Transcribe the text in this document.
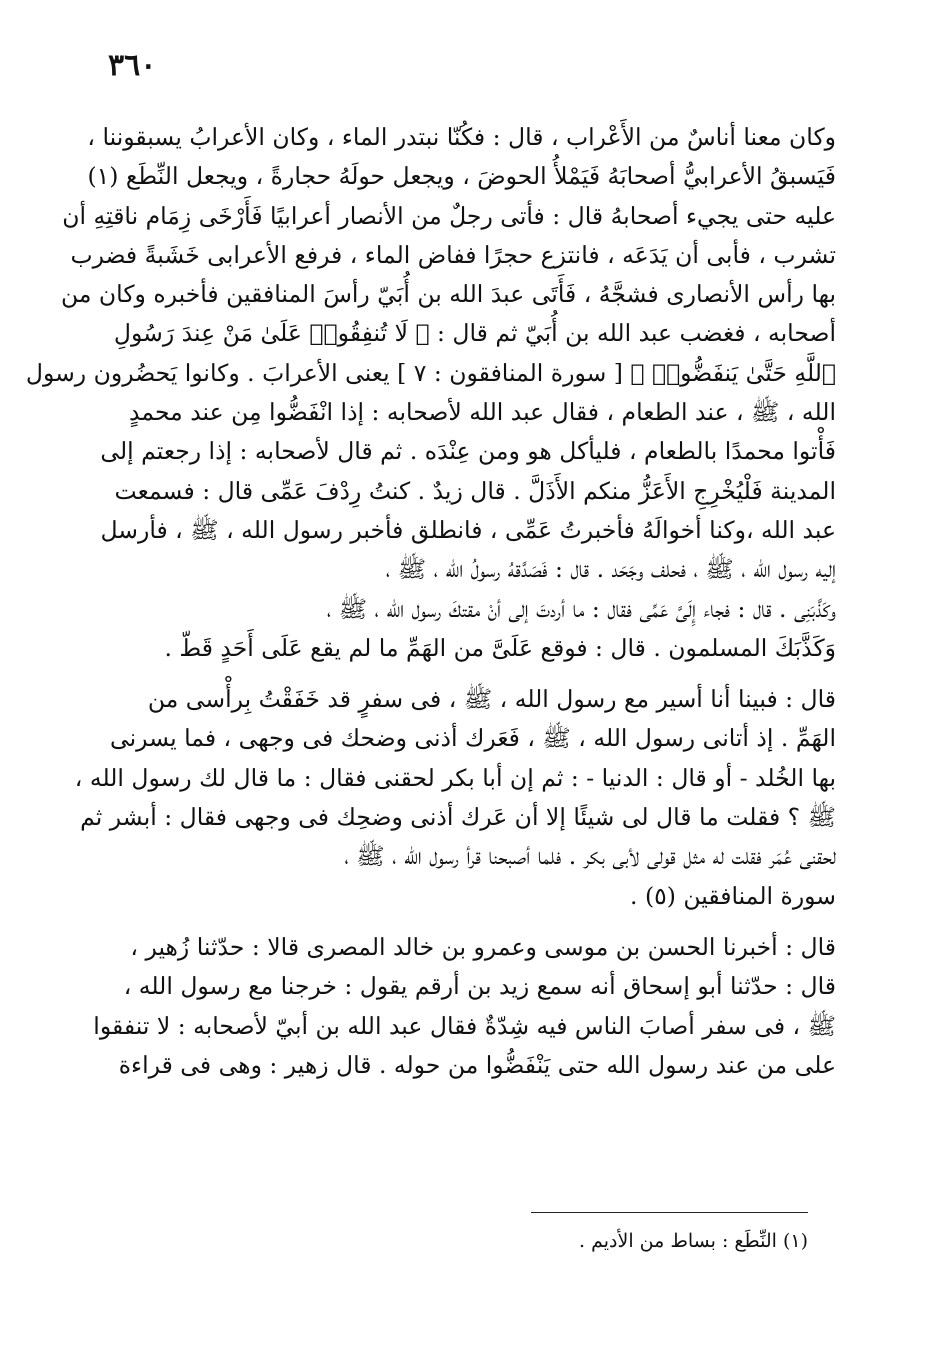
٣٦٠
وكان معنا أناسٌ من الأَعْراب ، قال : فكُنّا نبتدر الماء ، وكان الأعرابُ يسبقوننا ،
فَيَسبقُ الأعرابيُّ أصحابَهُ فَيَمْلأُ الحوضَ ، ويجعل حولَهُ حجارةً ، ويجعل النِّطَع (١)
عليه حتى يجيء أصحابهُ قال : فأتى رجلٌ من الأنصار أعرابيًا فَأَرْخَى زِمَام ناقتِهِ أن
تشرب ، فأبى أن يَدَعَه ، فانتزع حجرًا ففاض الماء ، فرفع الأعرابى خَشَبةً فضرب
بها رأس الأنصارى فشجَّهُ ، فَأَتَى عبدَ الله بن أُبَيّ رأسَ المنافقين فأخبره وكان من
أصحابه ، فغضب عبد الله بن أُبَيّ ثم قال : ﴿ لَا تُنفِقُوا۟ عَلَىٰ مَنْ عِندَ رَسُولِ
ٱللَّهِ حَتَّىٰ يَنفَضُّوا۟ ﴾ [ سورة المنافقون : ٧ ] يعنى الأعرابَ . وكانوا يَحضُرون رسول
الله ، ﷺ ، عند الطعام ، فقال عبد الله لأصحابه : إذا انْفَضُّوا مِن عند محمدٍ
فَأْتوا محمدًا بالطعام ، فليأكل هو ومن عِنْدَه . ثم قال لأصحابه : إذا رجعتم إلى
المدينة فَلْيُخْرِجِ الأَعَزُّ منكم الأَذَلَّ . قال زيدٌ . كنتُ رِدْفَ عَمِّى قال : فسمعت
عبد الله ،وكنا أخوالَهُ فأخبرتُ عَمِّى ، فانطلق فأخبر رسول الله ، ﷺ ، فأرسل
إليه رسول الله ، ﷺ ، فحلف وجَحَد . قال : فَصَدَّقهُ رسولُ الله ، ﷺ ،
وكَذَّبَنِى . قال : فجاء إِلَىَّ عَمِّى فقال : ما أردتَ إلى أنْ مقتكَ رسول الله ، ﷺ ،
وَكَذَّبَكَ المسلمون . قال : فوقع عَلَىَّ من الهَمِّ ما لم يقع عَلَى أَحَدٍ قَطّ .
قال : فبينا أنا أسير مع رسول الله ، ﷺ ، فى سفرٍ قد خَفَقْتُ بِرأْسى من
الهَمِّ . إذ أتانى رسول الله ، ﷺ ، فَعَرك أذنى وضحك فى وجهى ، فما يسرنى
بها الخُلد - أو قال : الدنيا - : ثم إن أبا بكر لحقنى فقال : ما قال لك رسول الله ،
ﷺ ؟ فقلت ما قال لى شيئًا إلا أن عَرك أذنى وضحِك فى وجهى فقال : أبشر ثم
لحقنى عُمَر فقلت له مثل قولى لأبى بكر . فلما أصبحنا قرأ رسول الله ، ﷺ ،
سورة المنافقين (٥) .
قال : أخبرنا الحسن بن موسى وعمرو بن خالد المصرى قالا : حدّثنا زُهير ،
قال : حدّثنا أبو إسحاق أنه سمع زيد بن أرقم يقول : خرجنا مع رسول الله ،
ﷺ ، فى سفر أصابَ الناس فيه شِدّةٌ فقال عبد الله بن أبيّ لأصحابه : لا تنفقوا
على من عند رسول الله حتى يَنْفَضُّوا من حوله . قال زهير : وهى فى قراءة
(١) النِّطَع : بساط من الأديم .
